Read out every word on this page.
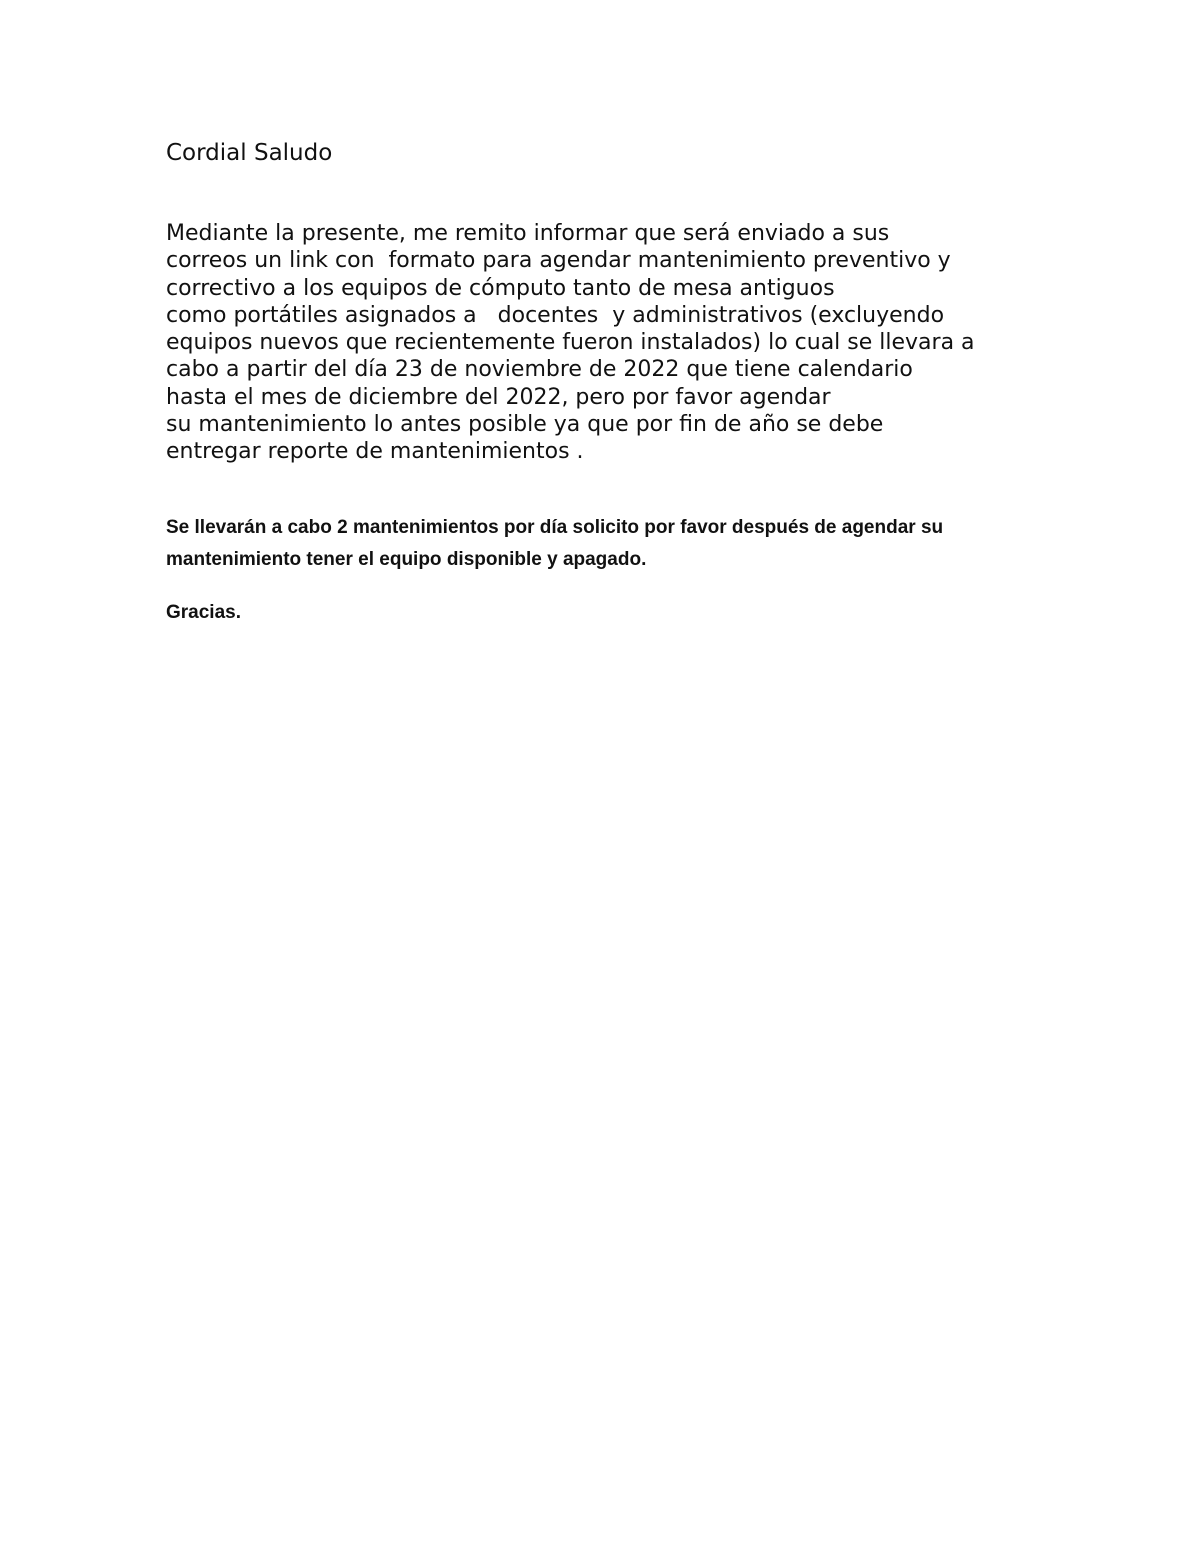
Cordial Saludo
Mediante la presente, me remito informar que será enviado a sus
correos un link con  formato para agendar mantenimiento preventivo y
correctivo a los equipos de cómputo tanto de mesa antiguos
como portátiles asignados a   docentes  y administrativos (excluyendo
equipos nuevos que recientemente fueron instalados) lo cual se llevara a
cabo a partir del día 23 de noviembre de 2022 que tiene calendario
hasta el mes de diciembre del 2022, pero por favor agendar
su mantenimiento lo antes posible ya que por fin de año se debe
entregar reporte de mantenimientos .
Se llevarán a cabo 2 mantenimientos por día solicito por favor después de agendar su
mantenimiento tener el equipo disponible y apagado.
Gracias.
